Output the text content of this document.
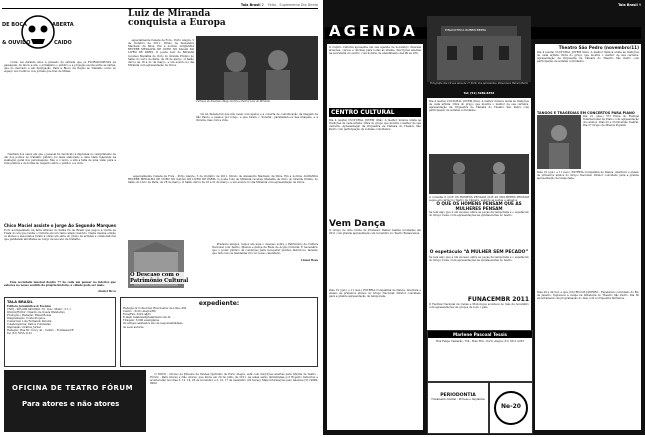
Tala Brasil 2 Feito - Suplemento Dia Direto
DE BOCA
& OUVIDO
ABERTA
CAIDO

Como vai durante anos a gravado de estrada que os FLORIANÓPOLIS de passagem, de início a um, o jornalismo o público e a projeção escola entre as várias, que no mercado e em divulgação. Para a Bloco da Nação ao trabalho como no espaço nos Centros, nos jornais que traz de Minas.

Nenhum dos casos em que o pessoal foi devolvido à imprensa no cumprimento de um dos pontos do trabalho público foi mais elaborado e uma ideia relevante na avaliação geral dos personagens. Não é o texto, e sim a falta de uma visão para a vida pública e de forma de respeito entre o público e a obra.

Chico Maciel assiste o Jorge Ao Segundo Marques
Todo acompanhado na feira através do Santa Fé de Brasil que pegou a oferta de Tuala do um que tenha o Cultura em um ramo amplo nascido. Nesta mesma edição os alunos e associados foram a obras em série do grupo de artistas e colaboradores que ganharam atividades ao longo de seu ano de trabalho.

Uma sociedade musical dentro 77 Se cada um pensar no interior que sabores no nosso sentido da própria história, a cidade pode ser mais.

Doniel Heza

TALA BRASIL
Editora Jornalística & Eventos
CNPJ - 005.080.045/0001-79 · Insc. Munic. 3.1.1
Diretor/Editor: Claudio de Souza Wanderley
Produção / Redação: Brasil Bossa
Diagramação: Costa Projetos
Comercial: Luis Fernando Pereira
Colaboradores: Vários Colunistas
Impressão: Gráfica Jornal
Redação: Rua Dr. Coivy, 41 - Centro - Fortaleza/CE
Tel (51) 5555-1122
expediente:
Redação & Comercial: Rua Soares de Lima, 450
Centro - Porto Alegre/RS
Fone/Fax: 3222-4433
E-mail: talabrasil@talabrasil.com.br
Tiragem: 5.000 exemplares
Os artigos assinados são de responsabilidade
de seus autores
Luiz de Miranda conquista a Europa

especialmente Caneta de Fora - Porto Alegre, 5 de Outubro de 2011. Direto de Alexandre Machado da Silva. Em a notícia: ALMANDA RECEBE MEDALHA DE OURO NO SALÃO DO LIVRO DE PARIS. O poeta Luiz de Miranda recebeu Medalha de Ouro do Grande Prêmio no Salão do Livro de Paris, de 28 de março. O Salão durou de 18 a 21 de março, e um evento no dia Miranda com apresentação de livros.

Carnava de diversão (Diego Garcia e Pedro) Luiz de Miranda

Os AL Pavaborun que não reais com apelos e a coberta de comunicação da imagem de São Paulo, e passou por longo, e que foram o ‘livraria’, paralisando-os nas imagens, e a livraria, mas com a vida.

especialmente Caneta de Fora - Porto Alegre, 5 de Outubro de 2011. Direto de Alexandre Machado da Silva. Em a notícia: ALMANDA RECEBE MEDALHA DE OURO NO SALÃO DO LIVRO DE PARIS. O poeta Luiz de Miranda recebeu Medalha de Ouro do Grande Prêmio no Salão do Livro de Paris, de 28 de março. O Salão durou de 18 a 21 de março, e um evento no dia Miranda com apresentação de livros.

O Descaso com o Patrimônio Cultural

Prezados amigos, temos até aqui o descaso sobre o Patrimônio de Cultura Nacional com Teatro, Música e dança da Rede de Acção Cultural. É necessário que o poder público dê condições para recuperar prédios históricos, fazendo que tudo isso se mantenha vivo no nosso calendário.

Lionel Rosa

OFICINA DE TEATRO FÓRUM
Para atores e não atores

O NOVO - Núcleo de Estudos da Tannes Oprimido de Porto Alegre, está com inscrições abertas para Oficina de Teatro - Fórum - Para Atores e Não Atores, que inicia em 29 de julho de 2011. As aulas serão ministradas por Rogério Gutierrez e acontecerão nos dias 5, 12, 19, 26 de novembro e 3, 10, 17 de dezembro (20 horas). Mais informações pelo telefone (51) 9999-0000.

Tala Brasil 9
AGENDA	PINACOTECA RUBEN BERTA
Fotografia dos 10 aos Anos de 1º Porto dos Apresentos. Pinacoteca Rubem Berta
Tel: (51) 3289-8456
O Centro Cultural apresenta em sua agenda de novembro diversas atrações, cursos e oficinas para todas as idades. Inscrições abertas na secretaria do centro, com horário de atendimento das 9h às 18h.
CENTRO CULTURAL
Dia 4 (sexta) CULTURAL JOVEM (Dia). A melhor música unida às tradições de cada artista. Obra do grupo que mostra o melhor de sua carreira. Apresentação da Orquestra de Câmara do Theatro São Pedro com participação de solistas convidados.
Vem Dança
O Grupo de Arte Clube de Professor Daniel realiza novidades em 2011 com grande apresentação em novembro no Teatro Renascença.
Dias 10 (qui.) e 11 (sex.) ESTREIA Companhia de Dança. Abertura e ensaio de primeiros alunos do Grupo Nacional. Diretor convidado para a grande apresentação de temporada.
Dia 4 (sexta) CULTURAL JOVEM (Dia). A melhor música unida às tradições de cada artista. Obra do grupo que mostra o melhor de sua carreira. Apresentação da Orquestra de Câmara do Theatro São Pedro com participação de solistas convidados.
A comédia O QUE OS HOMENS PENSAM QUE AS MULHERES PENSAM segue em cartaz no Teatro da Câmara, sempre às sextas e sábados.
O QUE OS HOMENS PENSAM QUE AS MULHERES PENSAM
Se tem algo que é um sucesso entre as peças da temporada é o espetáculo do Grupo Cena. Com apresentações às quintas-feiras no teatro.
O espetáculo “A MULHER SEM PECADO”
Se tem algo que é um sucesso entre as peças da temporada é o espetáculo do Grupo Cena. Com apresentações às quintas-feiras no teatro.
FUNACEMBR 2011
O Festival Nacional de Cenas e Monólogos acontece no mês de novembro com apresentações de grupos de todo o país.
Theatro São Pedro (novembro/11)
Dia 4 (sexta) CULTURAL JOVEM (Dia). A melhor música unida às tradições de cada artista. Obra do grupo que mostra o melhor de sua carreira. Apresentação da Orquestra de Câmara do Theatro São Pedro com participação de solistas convidados.
TANGOS E TRAGÉDIAS EM CONCERTOS PARA PIANO
Dia 21 (qua.) TTI Pluva do Festival Internacional de Piano com apresentação dos alunos. Dias 22 e 23 Diversão Teatral. Dia 27 Grupo de Música Popular.
Dias 10 (qui.) e 11 (sex.) ESTREIA Companhia de Dança. Abertura e ensaio de primeiros alunos do Grupo Nacional. Diretor convidado para a grande apresentação de temporada.
Dias 29 e 30 (ter. e qua.) DO RIO DE JANEIRO - Espetáculo convidado do Rio de Janeiro. Ingressos à venda na bilheteria do Theatro São Pedro. Dia 30 encerramento da programação do mês com a Orquestra Sinfônica.
Marlene Pascoal Tessis
Rua Felipe Camarão, 754 - Bom Fim - Porto Alegre (51) 3311-2233
PERIODONTIA
Tratamento Dental - Prótese e Implantes
Ne-20
